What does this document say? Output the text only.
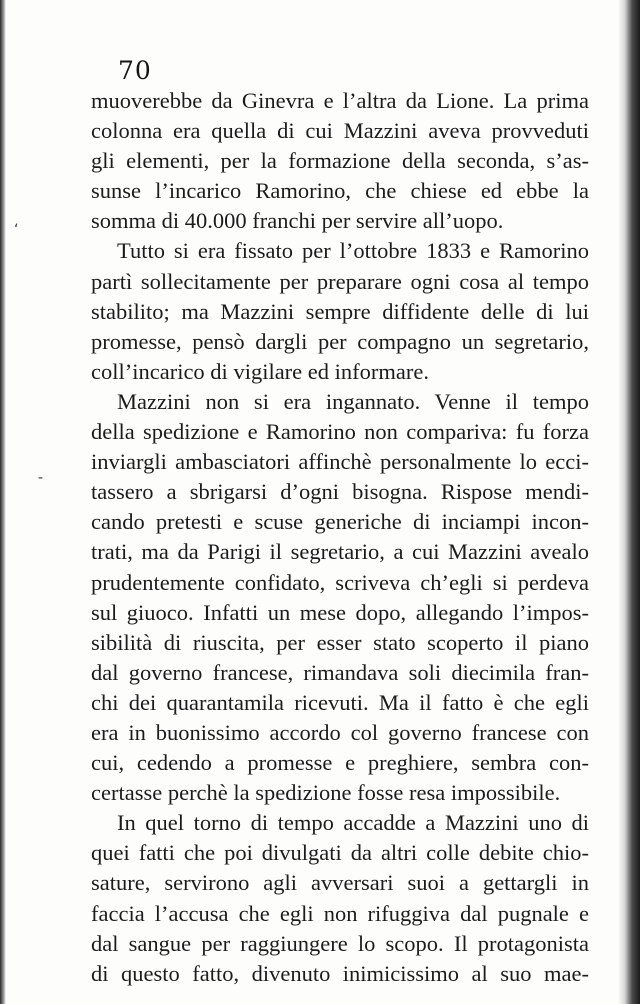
70
‘
-
muoverebbe da Ginevra e l’altra da Lione. La prima
colonna era quella di cui Mazzini aveva provveduti
gli elementi, per la formazione della seconda, s’as-
sunse l’incarico Ramorino, che chiese ed ebbe la
somma di 40.000 franchi per servire all’uopo.
Tutto si era fissato per l’ottobre 1833 e Ramorino
partì sollecitamente per preparare ogni cosa al tempo
stabilito; ma Mazzini sempre diffidente delle di lui
promesse, pensò dargli per compagno un segretario,
coll’incarico di vigilare ed informare.
Mazzini non si era ingannato. Venne il tempo
della spedizione e Ramorino non compariva: fu forza
inviargli ambasciatori affinchè personalmente lo ecci-
tassero a sbrigarsi d’ogni bisogna. Rispose mendi-
cando pretesti e scuse generiche di inciampi incon-
trati, ma da Parigi il segretario, a cui Mazzini avealo
prudentemente confidato, scriveva ch’egli si perdeva
sul giuoco. Infatti un mese dopo, allegando l’impos-
sibilità di riuscita, per esser stato scoperto il piano
dal governo francese, rimandava soli diecimila fran-
chi dei quarantamila ricevuti. Ma il fatto è che egli
era in buonissimo accordo col governo francese con
cui, cedendo a promesse e preghiere, sembra con-
certasse perchè la spedizione fosse resa impossibile.
In quel torno di tempo accadde a Mazzini uno di
quei fatti che poi divulgati da altri colle debite chio-
sature, servirono agli avversari suoi a gettargli in
faccia l’accusa che egli non rifuggiva dal pugnale e
dal sangue per raggiungere lo scopo. Il protagonista
di questo fatto, divenuto inimicissimo al suo mae-
